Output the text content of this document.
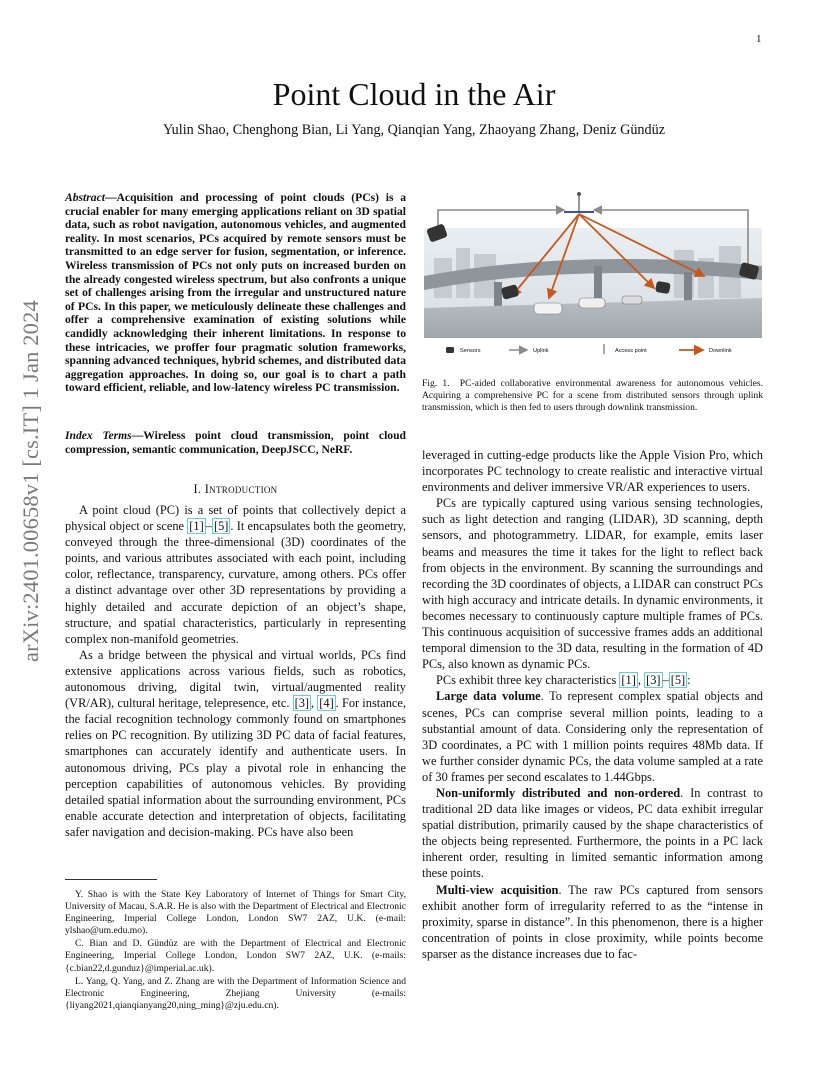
1
Point Cloud in the Air
Yulin Shao, Chenghong Bian, Li Yang, Qianqian Yang, Zhaoyang Zhang, Deniz Gündüz
arXiv:2401.00658v1 [cs.IT] 1 Jan 2024
Abstract—Acquisition and processing of point clouds (PCs) is a crucial enabler for many emerging applications reliant on 3D spatial data, such as robot navigation, autonomous vehicles, and augmented reality. In most scenarios, PCs acquired by remote sensors must be transmitted to an edge server for fusion, segmentation, or inference. Wireless transmission of PCs not only puts on increased burden on the already congested wireless spectrum, but also confronts a unique set of challenges arising from the irregular and unstructured nature of PCs. In this paper, we meticulously delineate these challenges and offer a comprehensive examination of existing solutions while candidly acknowledging their inherent limitations. In response to these intricacies, we proffer four pragmatic solution frameworks, spanning advanced techniques, hybrid schemes, and distributed data aggregation approaches. In doing so, our goal is to chart a path toward efficient, reliable, and low-latency wireless PC transmission.
Index Terms—Wireless point cloud transmission, point cloud compression, semantic communication, DeepJSCC, NeRF.
I. Introduction

A point cloud (PC) is a set of points that collectively depict a physical object or scene [1] – [5] . It encapsulates both the geometry, conveyed through the three-dimensional (3D) coordinates of the points, and various attributes associated with each point, including color, reflectance, transparency, curvature, among others. PCs offer a distinct advantage over other 3D representations by providing a highly detailed and accurate depiction of an object’s shape, structure, and spatial characteristics, particularly in representing complex non-manifold geometries.

As a bridge between the physical and virtual worlds, PCs find extensive applications across various fields, such as robotics, autonomous driving, digital twin, virtual/augmented reality (VR/AR), cultural heritage, telepresence, etc. [3] , [4] . For instance, the facial recognition technology commonly found on smartphones relies on PC recognition. By utilizing 3D PC data of facial features, smartphones can accurately identify and authenticate users. In autonomous driving, PCs play a pivotal role in enhancing the perception capabilities of autonomous vehicles. By providing detailed spatial information about the surrounding environment, PCs enable accurate detection and interpretation of objects, facilitating safer navigation and decision-making. PCs have also been

Y. Shao is with the State Key Laboratory of Internet of Things for Smart City, University of Macau, S.A.R. He is also with the Department of Electrical and Electronic Engineering, Imperial College London, London SW7 2AZ, U.K. (e-mail: ylshao@um.edu.mo).

C. Bian and D. Gündüz are with the Department of Electrical and Electronic Engineering, Imperial College London, London SW7 2AZ, U.K. (e-mails: {c.bian22,d.gunduz}@imperial.ac.uk).

L. Yang, Q. Yang, and Z. Zhang are with the Department of Information Science and Electronic Engineering, Zhejiang University (e-mails: {liyang2021,qianqianyang20,ning_ming}@zju.edu.cn).

Sensors	Uplink	Access point	Downlink
Fig. 1. PC-aided collaborative environmental awareness for autonomous vehicles. Acquiring a comprehensive PC for a scene from distributed sensors through uplink transmission, which is then fed to users through downlink transmission.

leveraged in cutting-edge products like the Apple Vision Pro, which incorporates PC technology to create realistic and interactive virtual environments and deliver immersive VR/AR experiences to users.

PCs are typically captured using various sensing technologies, such as light detection and ranging (LIDAR), 3D scanning, depth sensors, and photogrammetry. LIDAR, for example, emits laser beams and measures the time it takes for the light to reflect back from objects in the environment. By scanning the surroundings and recording the 3D coordinates of objects, a LIDAR can construct PCs with high accuracy and intricate details. In dynamic environments, it becomes necessary to continuously capture multiple frames of PCs. This continuous acquisition of successive frames adds an additional temporal dimension to the 3D data, resulting in the formation of 4D PCs, also known as dynamic PCs.

PCs exhibit three key characteristics [1] , [3] – [5] :

Large data volume. To represent complex spatial objects and scenes, PCs can comprise several million points, leading to a substantial amount of data. Considering only the representation of 3D coordinates, a PC with 1 million points requires 48Mb data. If we further consider dynamic PCs, the data volume sampled at a rate of 30 frames per second escalates to 1.44Gbps.

Non-uniformly distributed and non-ordered. In contrast to traditional 2D data like images or videos, PC data exhibit irregular spatial distribution, primarily caused by the shape characteristics of the objects being represented. Furthermore, the points in a PC lack inherent order, resulting in limited semantic information among these points.

Multi-view acquisition. The raw PCs captured from sensors exhibit another form of irregularity referred to as the “intense in proximity, sparse in distance”. In this phenomenon, there is a higher concentration of points in close proximity, while points become sparser as the distance increases due to fac-
